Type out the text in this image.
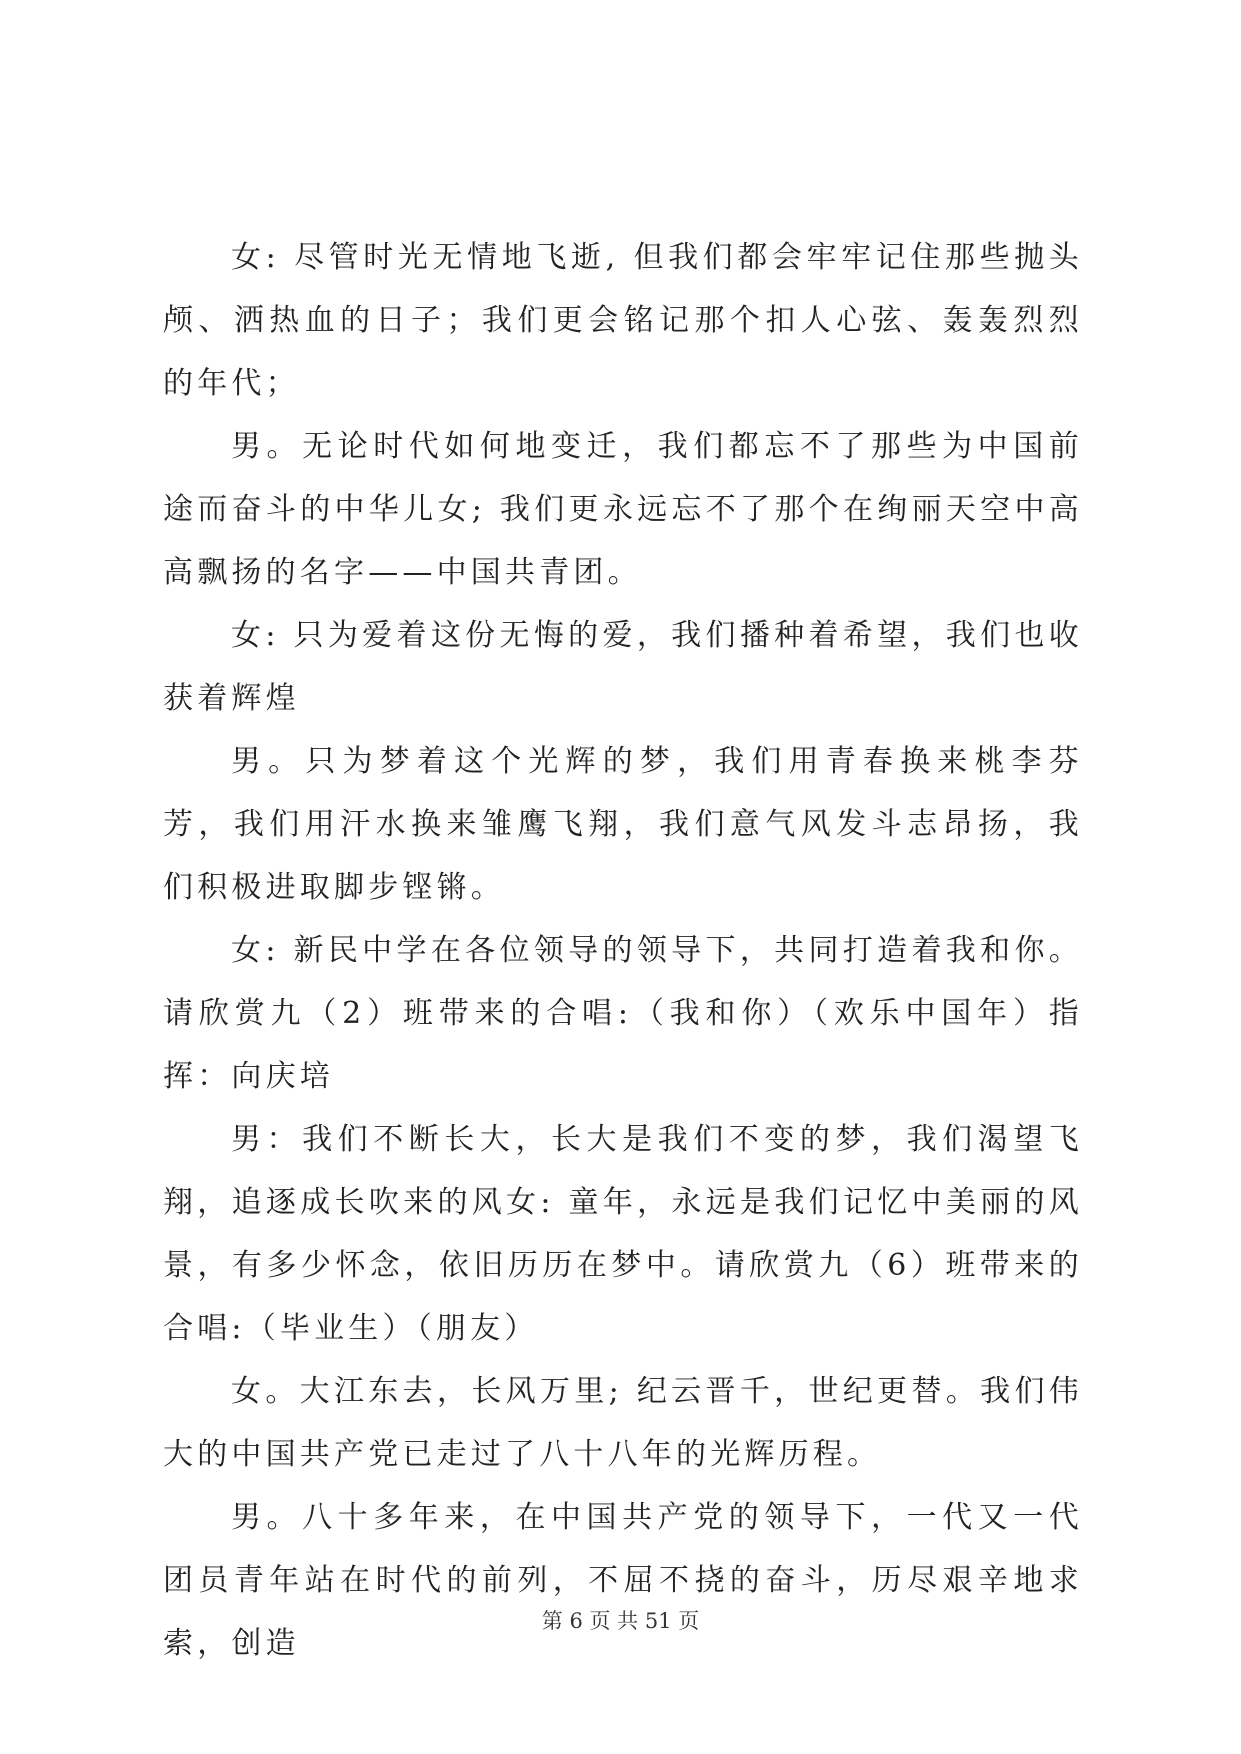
女: 尽管时光无情地飞逝, 但我们都会牢牢记住那些抛头颅、洒热血的日子；我们更会铭记那个扣人心弦、轰轰烈烈的年代；

男。无论时代如何地变迁，我们都忘不了那些为中国前途而奋斗的中华儿女; 我们更永远忘不了那个在绚丽天空中高高飘扬的名字——中国共青团。

女: 只为爱着这份无悔的爱，我们播种着希望，我们也收获着辉煌

男。只为梦着这个光辉的梦，我们用青春换来桃李芬芳，我们用汗水换来雏鹰飞翔，我们意气风发斗志昂扬，我们积极进取脚步铿锵。

女: 新民中学在各位领导的领导下，共同打造着我和你。请欣赏九（2）班带来的合唱:（我和你）（欢乐中国年）指挥：向庆培

男：我们不断长大，长大是我们不变的梦，我们渴望飞翔，追逐成长吹来的风女: 童年，永远是我们记忆中美丽的风景，有多少怀念，依旧历历在梦中。请欣赏九（6）班带来的合唱:（毕业生）（朋友）

女。大江东去，长风万里; 纪云晋千，世纪更替。我们伟大的中国共产党已走过了八十八年的光辉历程。

男。八十多年来，在中国共产党的领导下，一代又一代团员青年站在时代的前列，不屈不挠的奋斗，历尽艰辛地求索，创造

第 6 页 共 51 页
